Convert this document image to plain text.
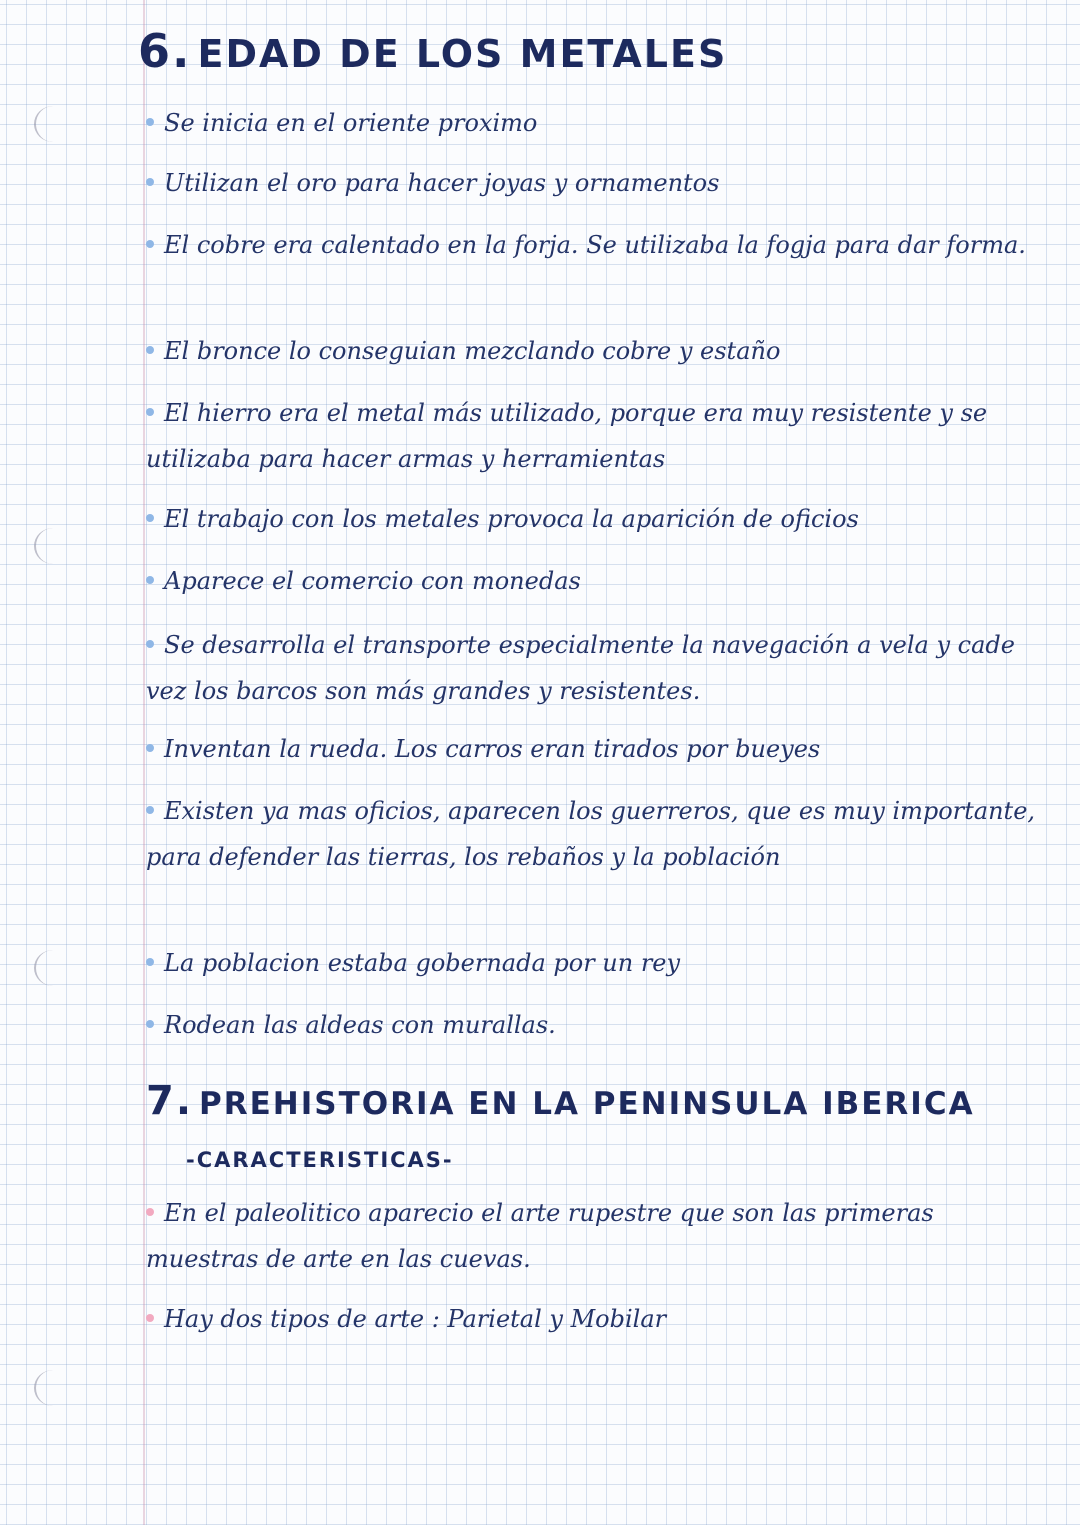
6. EDAD DE LOS METALES
Se inicia en el oriente proximo
Utilizan el oro para hacer joyas y ornamentos
El cobre era calentado en la forja. Se utilizaba la fogja para dar forma.
El bronce lo conseguian mezclando cobre y estaño
El hierro era el metal más utilizado, porque era muy resistente y se utilizaba para hacer armas y herramientas
El trabajo con los metales provoca la aparición de oficios
Aparece el comercio con monedas
Se desarrolla el transporte especialmente la navegación a vela y cade vez los barcos son más grandes y resistentes.
Inventan la rueda. Los carros eran tirados por bueyes
Existen ya mas oficios, aparecen los guerreros, que es muy importante, para defender las tierras, los rebaños y la población
La poblacion estaba gobernada por un rey
Rodean las aldeas con murallas.
7. PREHISTORIA EN LA PENINSULA IBERICA
-CARACTERISTICAS-
En el paleolitico aparecio el arte rupestre que son las primeras muestras de arte en las cuevas.
Hay dos tipos de arte : Parietal y Mobilar
